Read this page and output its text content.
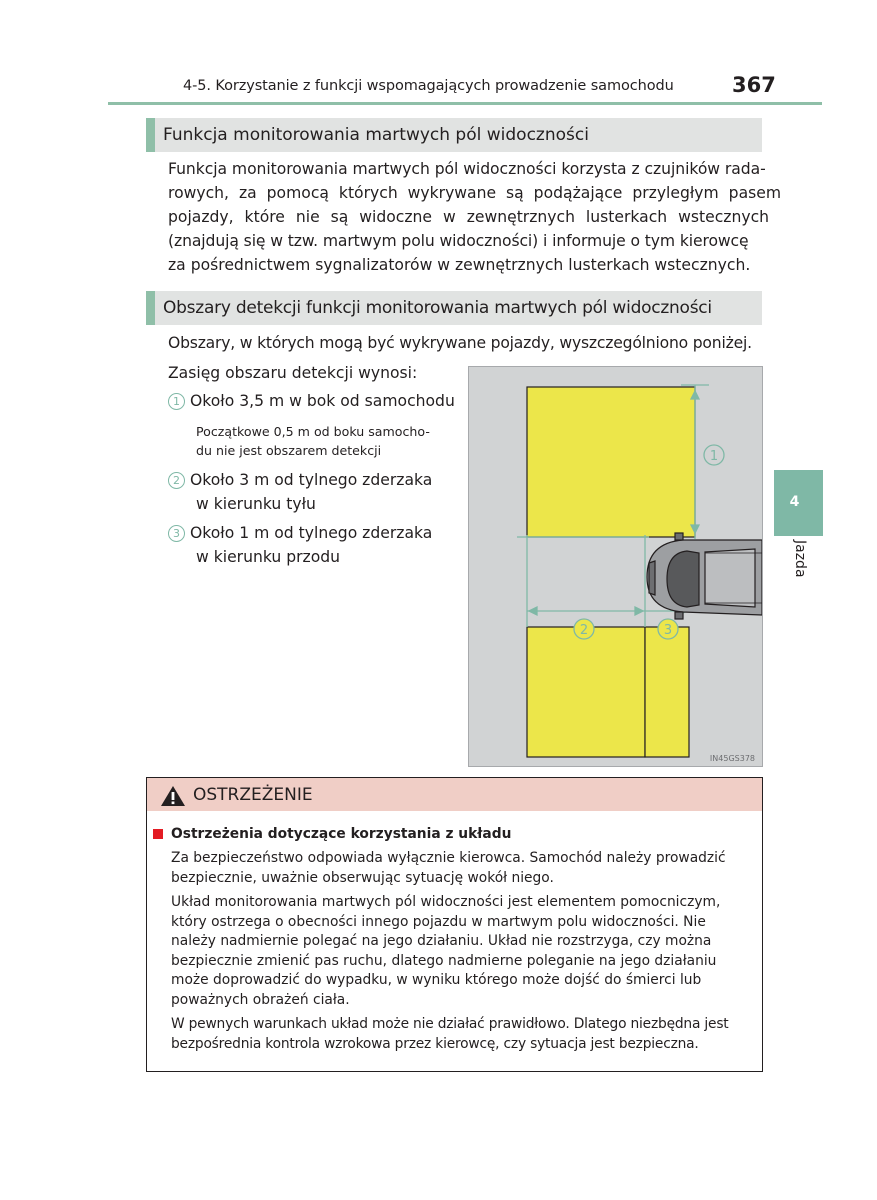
4-5. Korzystanie z funkcji wspomagających prowadzenie samochodu	367
4
Jazda
Funkcja monitorowania martwych pól widoczności
Funkcja monitorowania martwych pól widoczności korzysta z czujników rada-
rowych, za pomocą których wykrywane są podążające przyległym pasem
pojazdy, które nie są widoczne w zewnętrznych lusterkach wstecznych
(znajdują się w tzw. martwym polu widoczności) i informuje o tym kierowcę
za pośrednictwem sygnalizatorów w zewnętrznych lusterkach wstecznych.
Obszary detekcji funkcji monitorowania martwych pól widoczności
Obszary, w których mogą być wykrywane pojazdy, wyszczególniono poniżej.
Zasięg obszaru detekcji wynosi:
1 Około 3,5 m w bok od samochodu
Początkowe 0,5 m od boku samocho-
du nie jest obszarem detekcji
2 Około 3 m od tylnego zderzaka
w kierunku tyłu
3 Około 1 m od tylnego zderzaka
w kierunku przodu
1
2	3
IN45GS378
OSTRZEŻENIE
Ostrzeżenia dotyczące korzystania z układu
Za bezpieczeństwo odpowiada wyłącznie kierowca. Samochód należy prowadzić
bezpiecznie, uważnie obserwując sytuację wokół niego.
Układ monitorowania martwych pól widoczności jest elementem pomocniczym,
który ostrzega o obecności innego pojazdu w martwym polu widoczności. Nie
należy nadmiernie polegać na jego działaniu. Układ nie rozstrzyga, czy można
bezpiecznie zmienić pas ruchu, dlatego nadmierne poleganie na jego działaniu
może doprowadzić do wypadku, w wyniku którego może dojść do śmierci lub
poważnych obrażeń ciała.
W pewnych warunkach układ może nie działać prawidłowo. Dlatego niezbędna jest
bezpośrednia kontrola wzrokowa przez kierowcę, czy sytuacja jest bezpieczna.
